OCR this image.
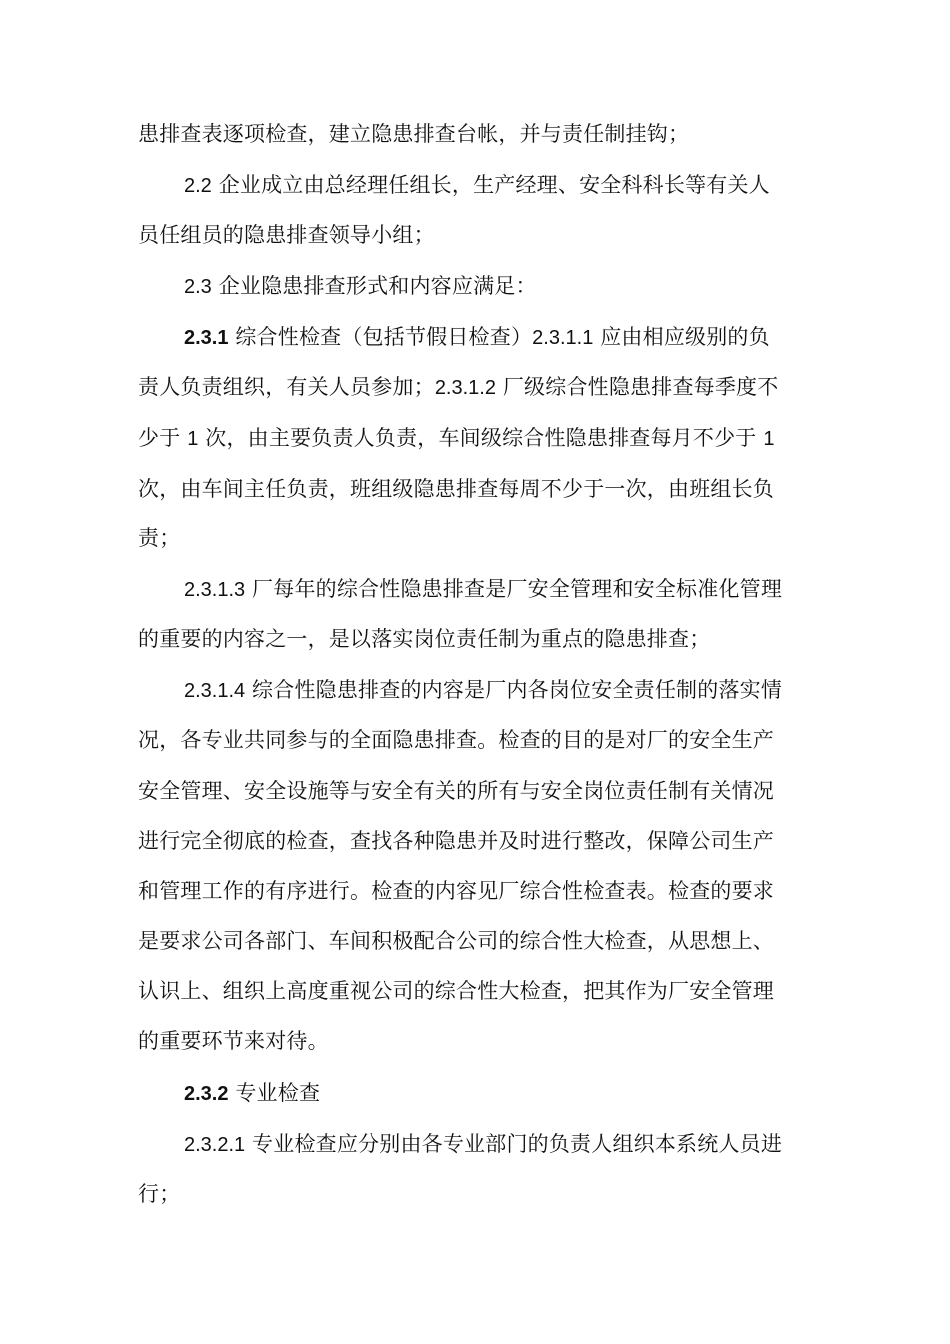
患排查表逐项检查，建立隐患排查台帐，并与责任制挂钩；
2.2 企业成立由总经理任组长，生产经理、安全科科长等有关人
员任组员的隐患排查领导小组；
2.3 企业隐患排查形式和内容应满足：
2.3.1 综合性检查（包括节假日检查）2.3.1.1 应由相应级别的负
责人负责组织，有关人员参加；2.3.1.2 厂级综合性隐患排查每季度不
少于 1 次，由主要负责人负责，车间级综合性隐患排查每月不少于 1
次，由车间主任负责，班组级隐患排查每周不少于一次，由班组长负
责；
2.3.1.3 厂每年的综合性隐患排查是厂安全管理和安全标准化管理
的重要的内容之一，是以落实岗位责任制为重点的隐患排查；
2.3.1.4 综合性隐患排查的内容是厂内各岗位安全责任制的落实情
况，各专业共同参与的全面隐患排查。检查的目的是对厂的安全生产
安全管理、安全设施等与安全有关的所有与安全岗位责任制有关情况
进行完全彻底的检查，查找各种隐患并及时进行整改，保障公司生产
和管理工作的有序进行。检查的内容见厂综合性检查表。检查的要求
是要求公司各部门、车间积极配合公司的综合性大检查，从思想上、
认识上、组织上高度重视公司的综合性大检查，把其作为厂安全管理
的重要环节来对待。
2.3.2 专业检查
2.3.2.1 专业检查应分别由各专业部门的负责人组织本系统人员进
行；
